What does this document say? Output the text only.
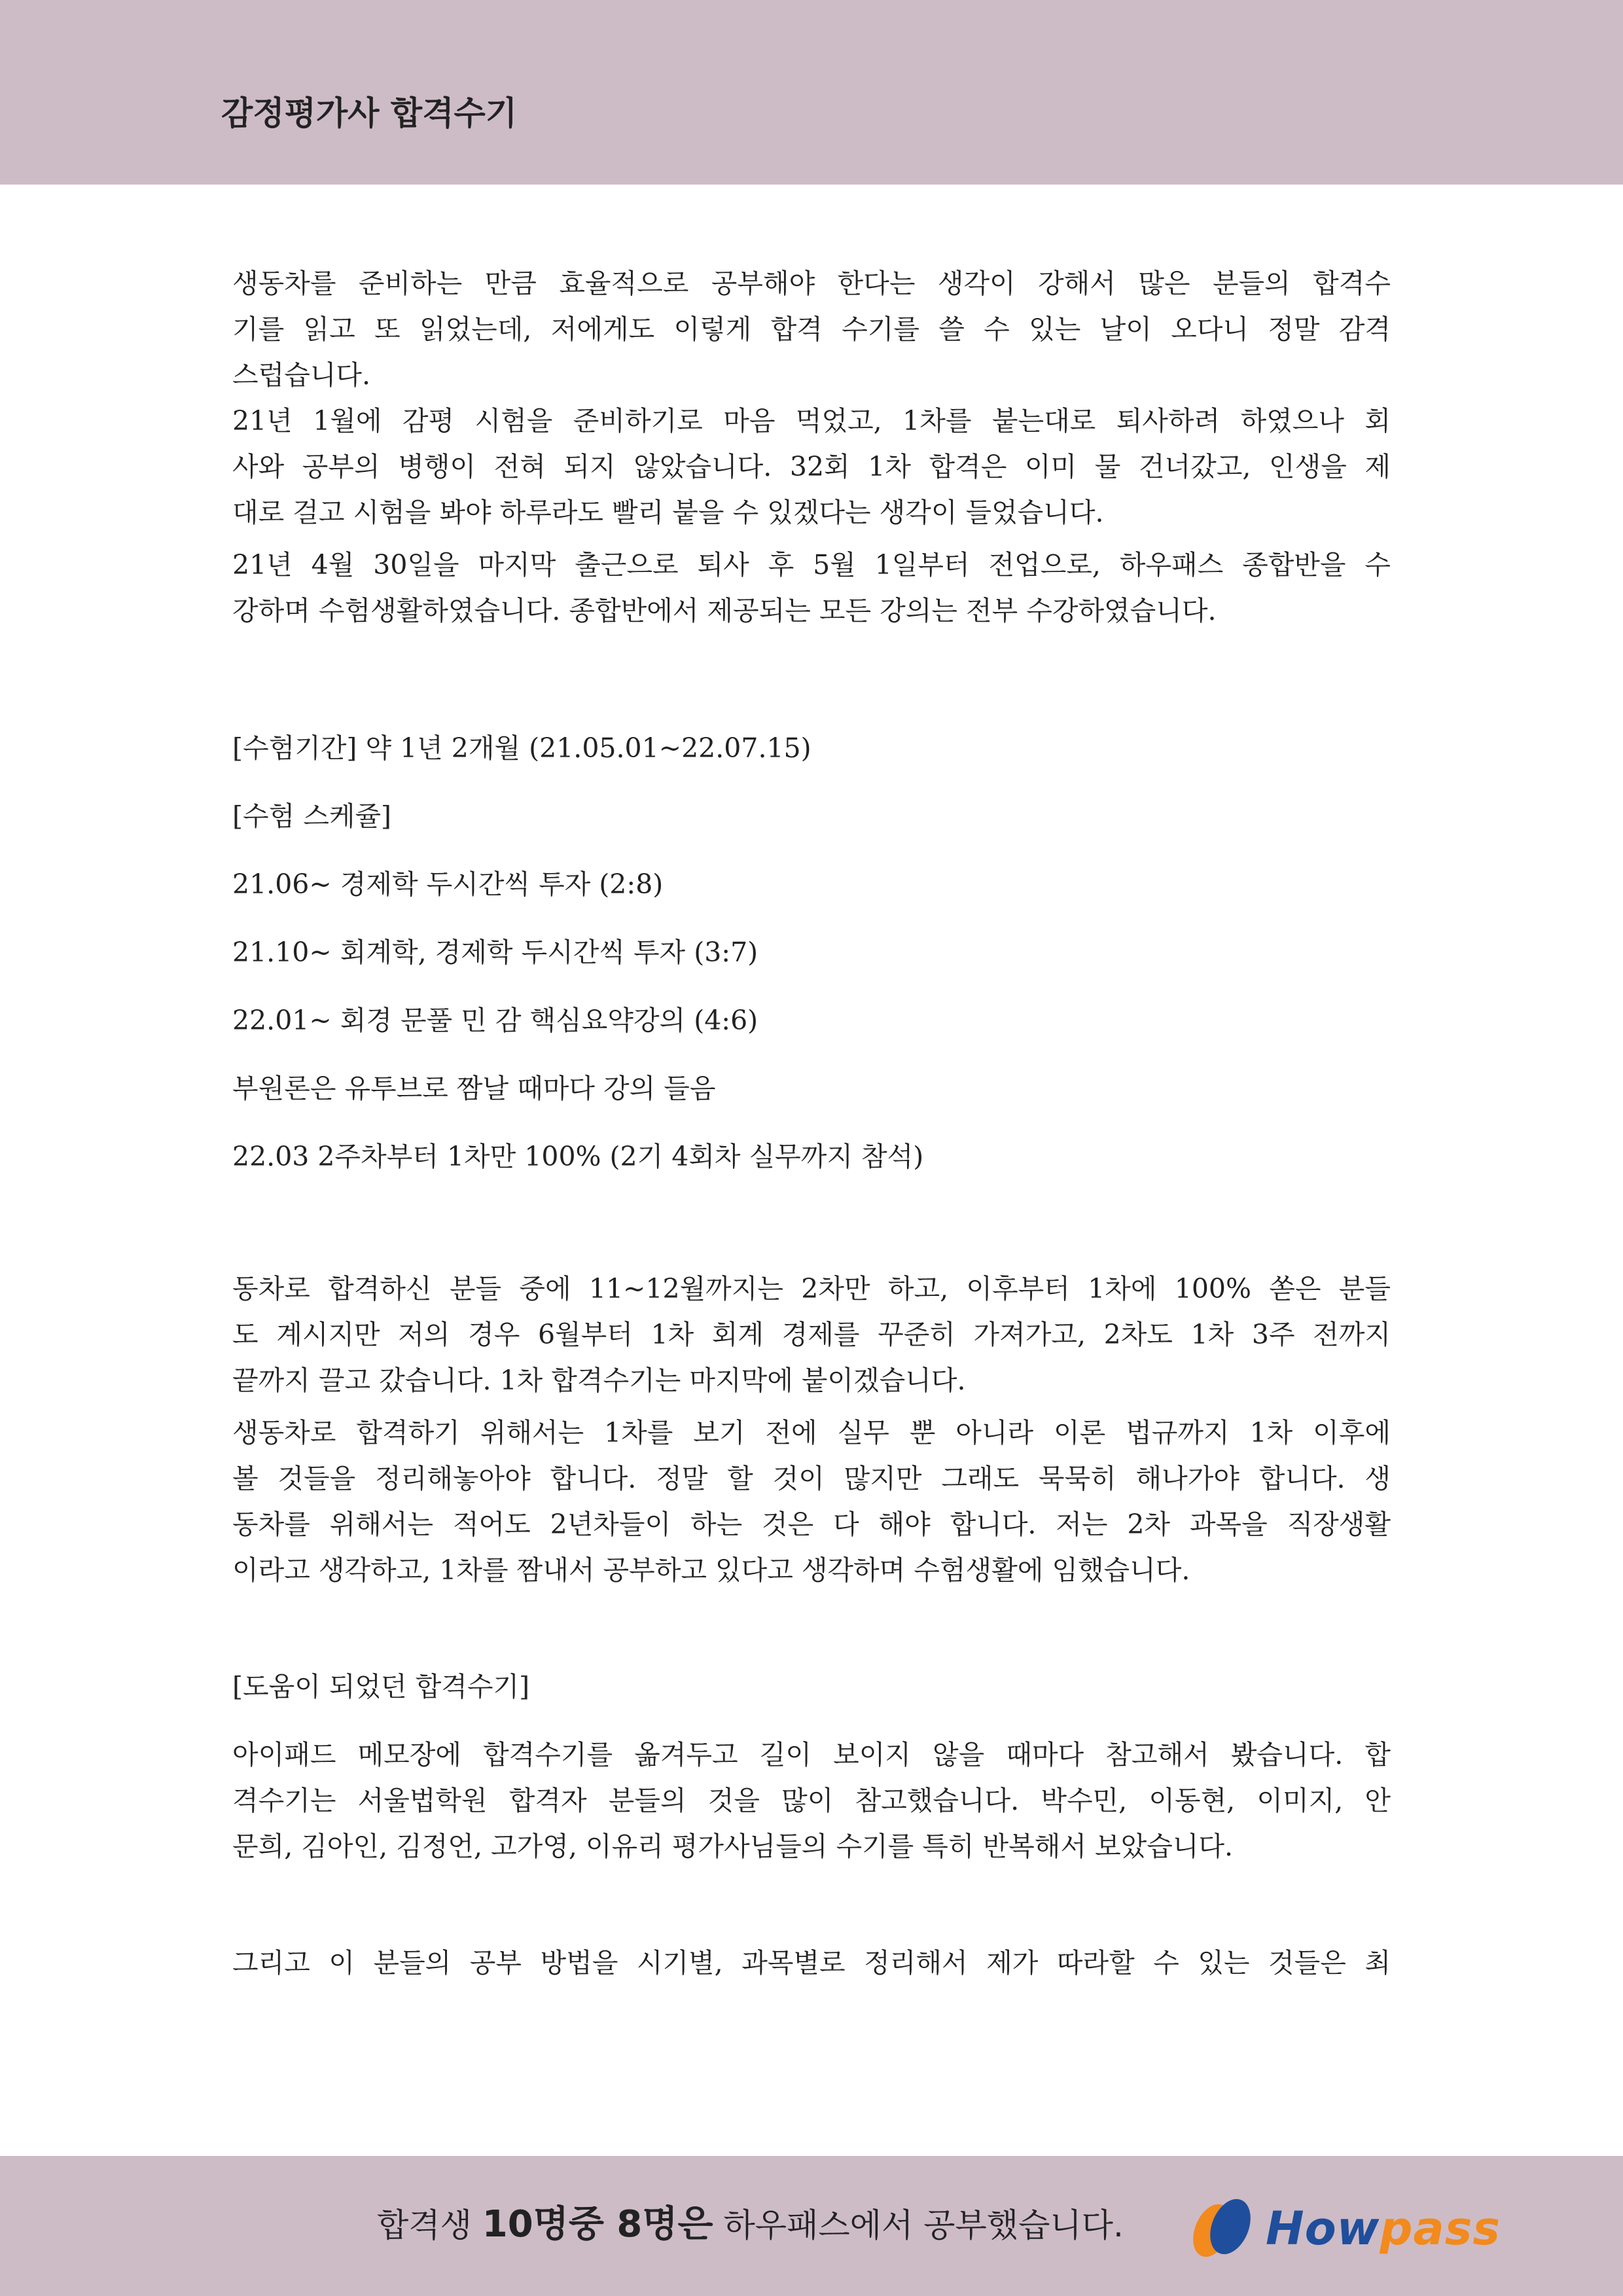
감정평가사 합격수기
생동차를 준비하는 만큼 효율적으로 공부해야 한다는 생각이 강해서 많은 분들의 합격수
기를 읽고 또 읽었는데, 저에게도 이렇게 합격 수기를 쓸 수 있는 날이 오다니 정말 감격
스럽습니다.
21년 1월에 감평 시험을 준비하기로 마음 먹었고, 1차를 붙는대로 퇴사하려 하였으나 회
사와 공부의 병행이 전혀 되지 않았습니다. 32회 1차 합격은 이미 물 건너갔고, 인생을 제
대로 걸고 시험을 봐야 하루라도 빨리 붙을 수 있겠다는 생각이 들었습니다.
21년 4월 30일을 마지막 출근으로 퇴사 후 5월 1일부터 전업으로, 하우패스 종합반을 수
강하며 수험생활하였습니다. 종합반에서 제공되는 모든 강의는 전부 수강하였습니다.

[수험기간] 약 1년 2개월 (21.05.01~22.07.15)

[수험 스케쥴]

21.06~ 경제학 두시간씩 투자 (2:8)

21.10~ 회계학, 경제학 두시간씩 투자 (3:7)

22.01~ 회경 문풀 민 감 핵심요약강의 (4:6)

부원론은 유투브로 짬날 때마다 강의 들음

22.03 2주차부터 1차만 100% (2기 4회차 실무까지 참석)

동차로 합격하신 분들 중에 11~12월까지는 2차만 하고, 이후부터 1차에 100% 쏟은 분들
도 계시지만 저의 경우 6월부터 1차 회계 경제를 꾸준히 가져가고, 2차도 1차 3주 전까지
끝까지 끌고 갔습니다. 1차 합격수기는 마지막에 붙이겠습니다.
생동차로 합격하기 위해서는 1차를 보기 전에 실무 뿐 아니라 이론 법규까지 1차 이후에
볼 것들을 정리해놓아야 합니다. 정말 할 것이 많지만 그래도 묵묵히 해나가야 합니다. 생
동차를 위해서는 적어도 2년차들이 하는 것은 다 해야 합니다. 저는 2차 과목을 직장생활
이라고 생각하고, 1차를 짬내서 공부하고 있다고 생각하며 수험생활에 임했습니다.

[도움이 되었던 합격수기]

아이패드 메모장에 합격수기를 옮겨두고 길이 보이지 않을 때마다 참고해서 봤습니다. 합
격수기는 서울법학원 합격자 분들의 것을 많이 참고했습니다. 박수민, 이동현, 이미지, 안
문희, 김아인, 김정언, 고가영, 이유리 평가사님들의 수기를 특히 반복해서 보았습니다.
그리고 이 분들의 공부 방법을 시기별, 과목별로 정리해서 제가 따라할 수 있는 것들은 최

합격생 10명중 8명은 하우패스에서 공부했습니다.	Howpass
